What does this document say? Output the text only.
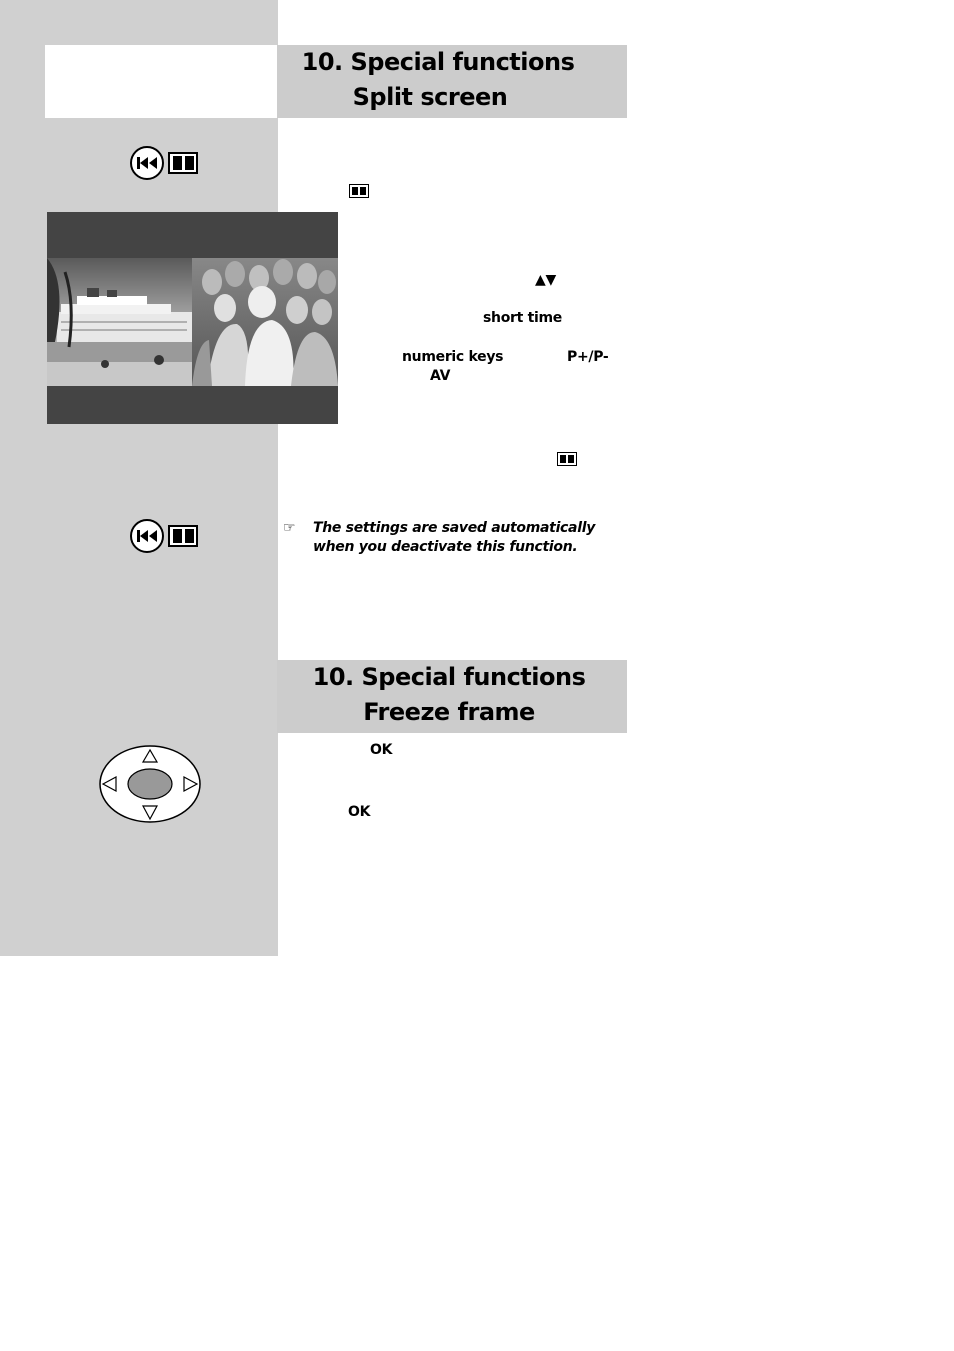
10. Special functions
Split screen
▲▼
short time
numeric keys	P+/P-
AV
☞ The settings are saved automatically when you deactivate this function.
10. Special functions
Freeze frame
OK
OK
